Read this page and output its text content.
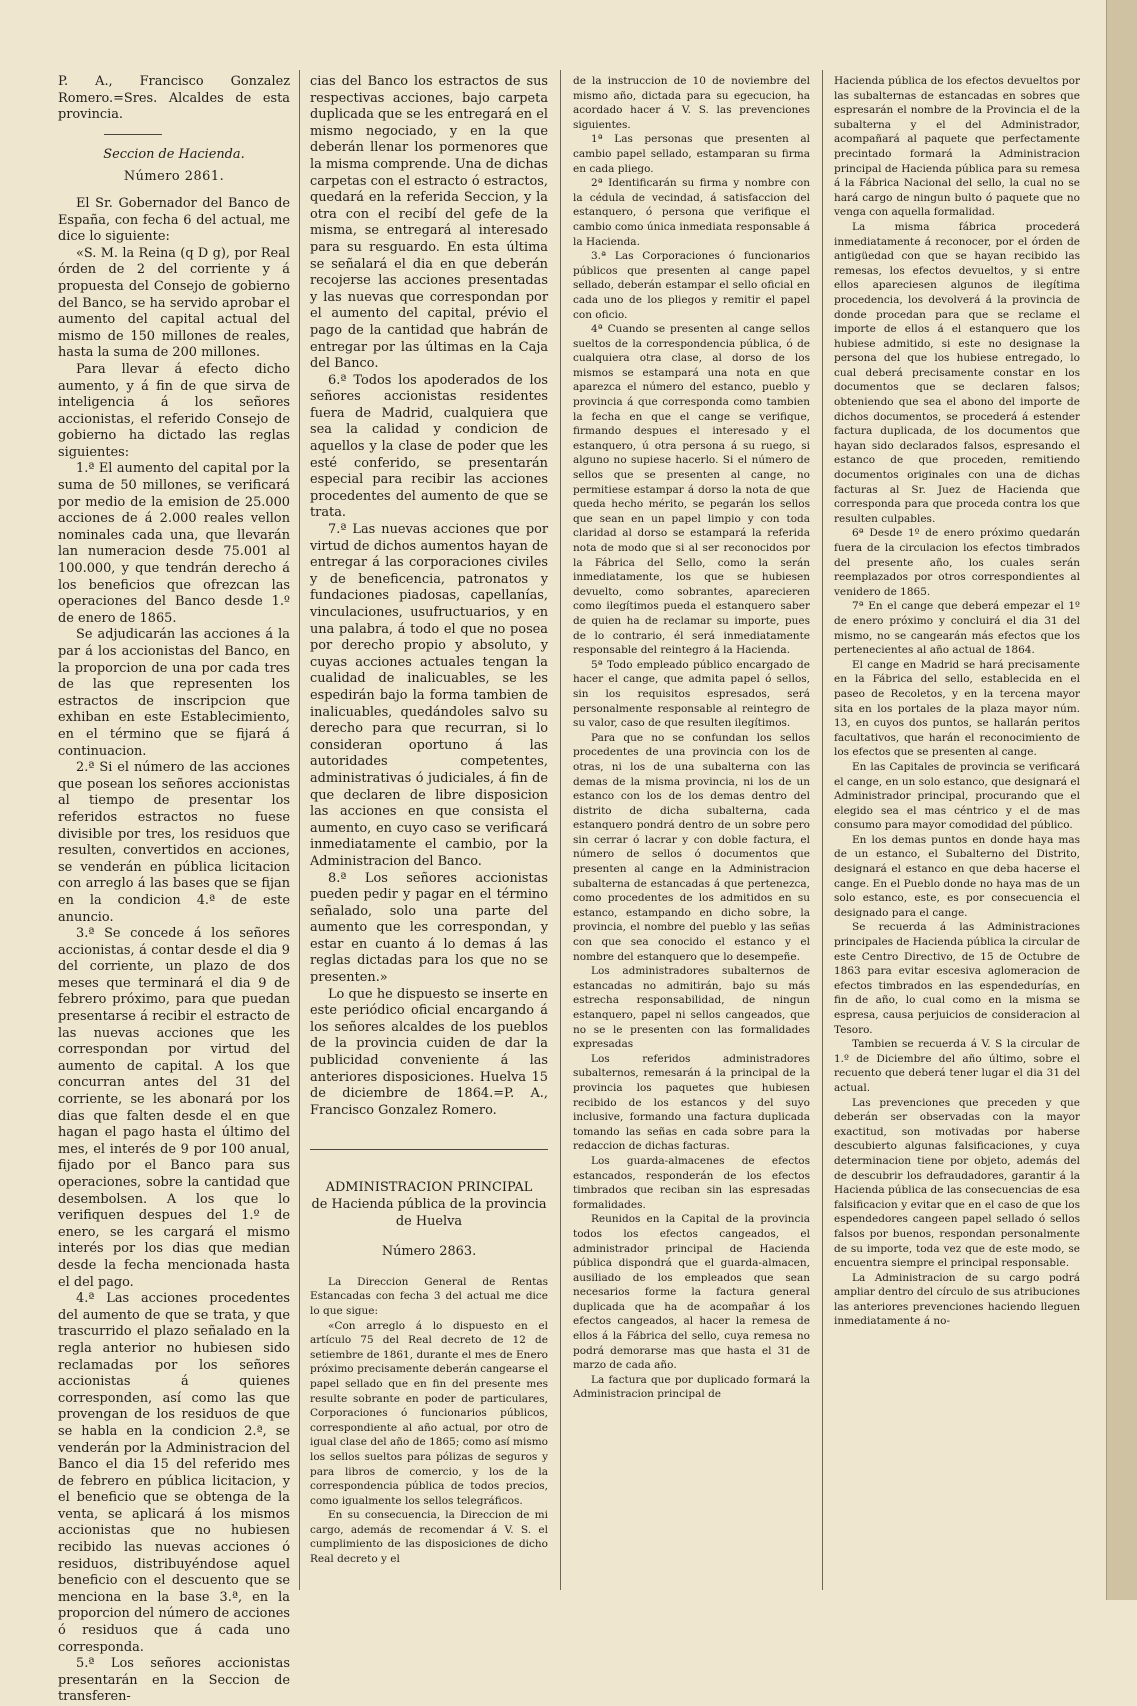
P. A., Francisco Gonzalez Romero.=Sres. Alcaldes de esta provincia.

Seccion de Hacienda.

Número 2861.

El Sr. Gobernador del Banco de España, con fecha 6 del actual, me dice lo siguiente:

«S. M. la Reina (q D g), por Real órden de 2 del corriente y á propuesta del Consejo de gobierno del Banco, se ha servido aprobar el aumento del capital actual del mismo de 150 millones de reales, hasta la suma de 200 millones.

Para llevar á efecto dicho aumento, y á fin de que sirva de inteligencia á los señores accionistas, el referido Consejo de gobierno ha dictado las reglas siguientes:

1.ª El aumento del capital por la suma de 50 millones, se verificará por medio de la emision de 25.000 acciones de á 2.000 reales vellon nominales cada una, que llevarán lan numeracion desde 75.001 al 100.000, y que tendrán derecho á los beneficios que ofrezcan las operaciones del Banco desde 1.º de enero de 1865.

Se adjudicarán las acciones á la par á los accionistas del Banco, en la proporcion de una por cada tres de las que representen los estractos de inscripcion que exhiban en este Establecimiento, en el término que se fijará á continuacion.

2.ª Si el número de las acciones que posean los señores accionistas al tiempo de presentar los referidos estractos no fuese divisible por tres, los residuos que resulten, convertidos en acciones, se venderán en pública licitacion con arreglo á las bases que se fijan en la condicion 4.ª de este anuncio.

3.ª Se concede á los señores accionistas, á contar desde el dia 9 del corriente, un plazo de dos meses que terminará el dia 9 de febrero próximo, para que puedan presentarse á recibir el estracto de las nuevas acciones que les correspondan por virtud del aumento de capital. A los que concurran antes del 31 del corriente, se les abonará por los dias que falten desde el en que hagan el pago hasta el último del mes, el interés de 9 por 100 anual, fijado por el Banco para sus operaciones, sobre la cantidad que desembolsen. A los que lo verifiquen despues del 1.º de enero, se les cargará el mismo interés por los dias que median desde la fecha mencionada hasta el del pago.

4.ª Las acciones procedentes del aumento de que se trata, y que trascurrido el plazo señalado en la regla anterior no hubiesen sido reclamadas por los señores accionistas á quienes corresponden, así como las que provengan de los residuos de que se habla en la condicion 2.ª, se venderán por la Administracion del Banco el dia 15 del referido mes de febrero en pública licitacion, y el beneficio que se obtenga de la venta, se aplicará á los mismos accionistas que no hubiesen recibido las nuevas acciones ó residuos, distribuyéndose aquel beneficio con el descuento que se menciona en la base 3.ª, en la proporcion del número de acciones ó residuos que á cada uno corresponda.

5.ª Los señores accionistas presentarán en la Seccion de transferen-

cias del Banco los estractos de sus respectivas acciones, bajo carpeta duplicada que se les entregará en el mismo negociado, y en la que deberán llenar los pormenores que la misma comprende. Una de dichas carpetas con el estracto ó estractos, quedará en la referida Seccion, y la otra con el recibí del gefe de la misma, se entregará al interesado para su resguardo. En esta última se señalará el dia en que deberán recojerse las acciones presentadas y las nuevas que correspondan por el aumento del capital, prévio el pago de la cantidad que habrán de entregar por las últimas en la Caja del Banco.

6.ª Todos los apoderados de los señores accionistas residentes fuera de Madrid, cualquiera que sea la calidad y condicion de aquellos y la clase de poder que les esté conferido, se presentarán especial para recibir las acciones procedentes del aumento de que se trata.

7.ª Las nuevas acciones que por virtud de dichos aumentos hayan de entregar á las corporaciones civiles y de beneficencia, patronatos y fundaciones piadosas, capellanías, vinculaciones, usufructuarios, y en una palabra, á todo el que no posea por derecho propio y absoluto, y cuyas acciones actuales tengan la cualidad de inalicuables, se les espedirán bajo la forma tambien de inalicuables, quedándoles salvo su derecho para que recurran, si lo consideran oportuno á las autoridades competentes, administrativas ó judiciales, á fin de que declaren de libre disposicion las acciones en que consista el aumento, en cuyo caso se verificará inmediatamente el cambio, por la Administracion del Banco.

8.ª Los señores accionistas pueden pedir y pagar en el término señalado, solo una parte del aumento que les correspondan, y estar en cuanto á lo demas á las reglas dictadas para los que no se presenten.»

Lo que he dispuesto se inserte en este periódico oficial encargando á los señores alcaldes de los pueblos de la provincia cuiden de dar la publicidad conveniente á las anteriores disposiciones. Huelva 15 de diciembre de 1864.=P. A., Francisco Gonzalez Romero.

ADMINISTRACION PRINCIPAL
de Hacienda pública de la provincia de Huelva

Número 2863.

La Direccion General de Rentas Estancadas con fecha 3 del actual me dice lo que sigue:

«Con arreglo á lo dispuesto en el artículo 75 del Real decreto de 12 de setiembre de 1861, durante el mes de Enero próximo precisamente deberán cangearse el papel sellado que en fin del presente mes resulte sobrante en poder de particulares, Corporaciones ó funcionarios públicos, correspondiente al año actual, por otro de igual clase del año de 1865; como así mismo los sellos sueltos para pólizas de seguros y para libros de comercio, y los de la correspondencia pública de todos precios, como igualmente los sellos telegráficos.

En su consecuencia, la Direccion de mi cargo, además de recomendar á V. S. el cumplimiento de las disposiciones de dicho Real decreto y el

de la instruccion de 10 de noviembre del mismo año, dictada para su egecucion, ha acordado hacer á V. S. las prevenciones siguientes.

1ª Las personas que presenten al cambio papel sellado, estamparan su firma en cada pliego.

2ª Identificarán su firma y nombre con la cédula de vecindad, á satisfaccion del estanquero, ó persona que verifique el cambio como única inmediata responsable á la Hacienda.

3.ª Las Corporaciones ó funcionarios públicos que presenten al cange papel sellado, deberán estampar el sello oficial en cada uno de los pliegos y remitir el papel con oficio.

4ª Cuando se presenten al cange sellos sueltos de la correspondencia pública, ó de cualquiera otra clase, al dorso de los mismos se estampará una nota en que aparezca el número del estanco, pueblo y provincia á que corresponda como tambien la fecha en que el cange se verifique, firmando despues el interesado y el estanquero, ú otra persona á su ruego, si alguno no supiese hacerlo. Si el número de sellos que se presenten al cange, no permitiese estampar á dorso la nota de que queda hecho mérito, se pegarán los sellos que sean en un papel limpio y con toda claridad al dorso se estampará la referida nota de modo que si al ser reconocidos por la Fábrica del Sello, como la serán inmediatamente, los que se hubiesen devuelto, como sobrantes, aparecieren como ilegítimos pueda el estanquero saber de quien ha de reclamar su importe, pues de lo contrario, él será inmediatamente responsable del reintegro á la Hacienda.

5ª Todo empleado público encargado de hacer el cange, que admita papel ó sellos, sin los requisitos espresados, será personalmente responsable al reintegro de su valor, caso de que resulten ilegítimos.

Para que no se confundan los sellos procedentes de una provincia con los de otras, ni los de una subalterna con las demas de la misma provincia, ni los de un estanco con los de los demas dentro del distrito de dicha subalterna, cada estanquero pondrá dentro de un sobre pero sin cerrar ó lacrar y con doble factura, el número de sellos ó documentos que presenten al cange en la Administracion subalterna de estancadas á que pertenezca, como procedentes de los admitidos en su estanco, estampando en dicho sobre, la provincia, el nombre del pueblo y las señas con que sea conocido el estanco y el nombre del estanquero que lo desempeñe.

Los administradores subalternos de estancadas no admitirán, bajo su más estrecha responsabilidad, de ningun estanquero, papel ni sellos cangeados, que no se le presenten con las formalidades expresadas

Los referidos administradores subalternos, remesarán á la principal de la provincia los paquetes que hubiesen recibido de los estancos y del suyo inclusive, formando una factura duplicada tomando las señas en cada sobre para la redaccion de dichas facturas.

Los guarda-almacenes de efectos estancados, responderán de los efectos timbrados que reciban sin las espresadas formalidades.

Reunidos en la Capital de la provincia todos los efectos cangeados, el administrador principal de Hacienda pública dispondrá que el guarda-almacen, ausiliado de los empleados que sean necesarios forme la factura general duplicada que ha de acompañar á los efectos cangeados, al hacer la remesa de ellos á la Fábrica del sello, cuya remesa no podrá demorarse mas que hasta el 31 de marzo de cada año.

La factura que por duplicado formará la Administracion principal de

Hacienda pública de los efectos devueltos por las subalternas de estancadas en sobres que espresarán el nombre de la Provincia el de la subalterna y el del Administrador, acompañará al paquete que perfectamente precintado formará la Administracion principal de Hacienda pública para su remesa á la Fábrica Nacional del sello, la cual no se hará cargo de ningun bulto ó paquete que no venga con aquella formalidad.

La misma fábrica procederá inmediatamente á reconocer, por el órden de antigüedad con que se hayan recibido las remesas, los efectos devueltos, y si entre ellos apareciesen algunos de ilegítima procedencia, los devolverá á la provincia de donde procedan para que se reclame el importe de ellos á el estanquero que los hubiese admitido, si este no designase la persona del que los hubiese entregado, lo cual deberá precisamente constar en los documentos que se declaren falsos; obteniendo que sea el abono del importe de dichos documentos, se procederá á estender factura duplicada, de los documentos que hayan sido declarados falsos, espresando el estanco de que proceden, remitiendo documentos originales con una de dichas facturas al Sr. Juez de Hacienda que corresponda para que proceda contra los que resulten culpables.

6ª Desde 1º de enero próximo quedarán fuera de la circulacion los efectos timbrados del presente año, los cuales serán reemplazados por otros correspondientes al venidero de 1865.

7ª En el cange que deberá empezar el 1º de enero próximo y concluirá el dia 31 del mismo, no se cangearán más efectos que los pertenecientes al año actual de 1864.

El cange en Madrid se hará precisamente en la Fábrica del sello, establecida en el paseo de Recoletos, y en la tercena mayor sita en los portales de la plaza mayor núm. 13, en cuyos dos puntos, se hallarán peritos facultativos, que harán el reconocimiento de los efectos que se presenten al cange.

En las Capitales de provincia se verificará el cange, en un solo estanco, que designará el Administrador principal, procurando que el elegido sea el mas céntrico y el de mas consumo para mayor comodidad del público.

En los demas puntos en donde haya mas de un estanco, el Subalterno del Distrito, designará el estanco en que deba hacerse el cange. En el Pueblo donde no haya mas de un solo estanco, este, es por consecuencia el designado para el cange.

Se recuerda á las Administraciones principales de Hacienda pública la circular de este Centro Directivo, de 15 de Octubre de 1863 para evitar escesiva aglomeracion de efectos timbrados en las espendedurías, en fin de año, lo cual como en la misma se espresa, causa perjuicios de consideracion al Tesoro.

Tambien se recuerda á V. S la circular de 1.º de Diciembre del año último, sobre el recuento que deberá tener lugar el dia 31 del actual.

Las prevenciones que preceden y que deberán ser observadas con la mayor exactitud, son motivadas por haberse descubierto algunas falsificaciones, y cuya determinacion tiene por objeto, además del de descubrir los defraudadores, garantir á la Hacienda pública de las consecuencias de esa falsificacion y evitar que en el caso de que los espendedores cangeen papel sellado ó sellos falsos por buenos, respondan personalmente de su importe, toda vez que de este modo, se encuentra siempre el principal responsable.

La Administracion de su cargo podrá ampliar dentro del círculo de sus atribuciones las anteriores prevenciones haciendo lleguen inmediatamente á no-
